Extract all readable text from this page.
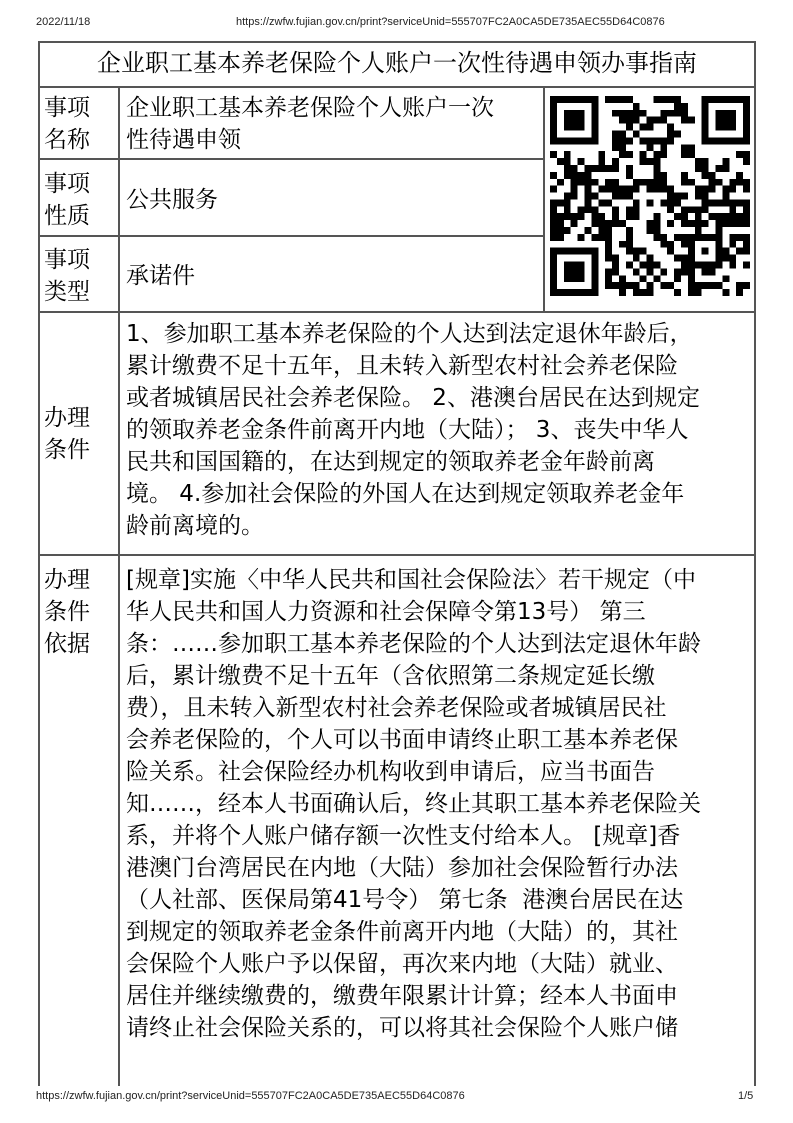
2022/11/18	https://zwfw.fujian.gov.cn/print?serviceUnid=555707FC2A0CA5DE735AEC55D64C0876
企业职工基本养老保险个人账户一次性待遇申领办事指南
事项
名称
企业职工基本养老保险个人账户一次
性待遇申领
事项
性质
公共服务
事项
类型
承诺件
办理
条件
1、参加职工基本养老保险的个人达到法定退休年龄后，
累计缴费不足十五年，且未转入新型农村社会养老保险
或者城镇居民社会养老保险。 2、港澳台居民在达到规定
的领取养老金条件前离开内地（大陆）； 3、丧失中华人
民共和国国籍的，在达到规定的领取养老金年龄前离
境。 4.参加社会保险的外国人在达到规定领取养老金年
龄前离境的。
办理
条件
依据
[规章]实施〈中华人民共和国社会保险法〉若干规定（中
华人民共和国人力资源和社会保障令第13号） 第三
条：……参加职工基本养老保险的个人达到法定退休年龄
后，累计缴费不足十五年（含依照第二条规定延长缴
费），且未转入新型农村社会养老保险或者城镇居民社
会养老保险的，个人可以书面申请终止职工基本养老保
险关系。社会保险经办机构收到申请后，应当书面告
知……，经本人书面确认后，终止其职工基本养老保险关
系，并将个人账户储存额一次性支付给本人。 [规章]香
港澳门台湾居民在内地（大陆）参加社会保险暂行办法
（人社部、医保局第41号令） 第七条  港澳台居民在达
到规定的领取养老金条件前离开内地（大陆）的，其社
会保险个人账户予以保留，再次来内地（大陆）就业、
居住并继续缴费的，缴费年限累计计算；经本人书面申
请终止社会保险关系的，可以将其社会保险个人账户储
https://zwfw.fujian.gov.cn/print?serviceUnid=555707FC2A0CA5DE735AEC55D64C0876	1/5
